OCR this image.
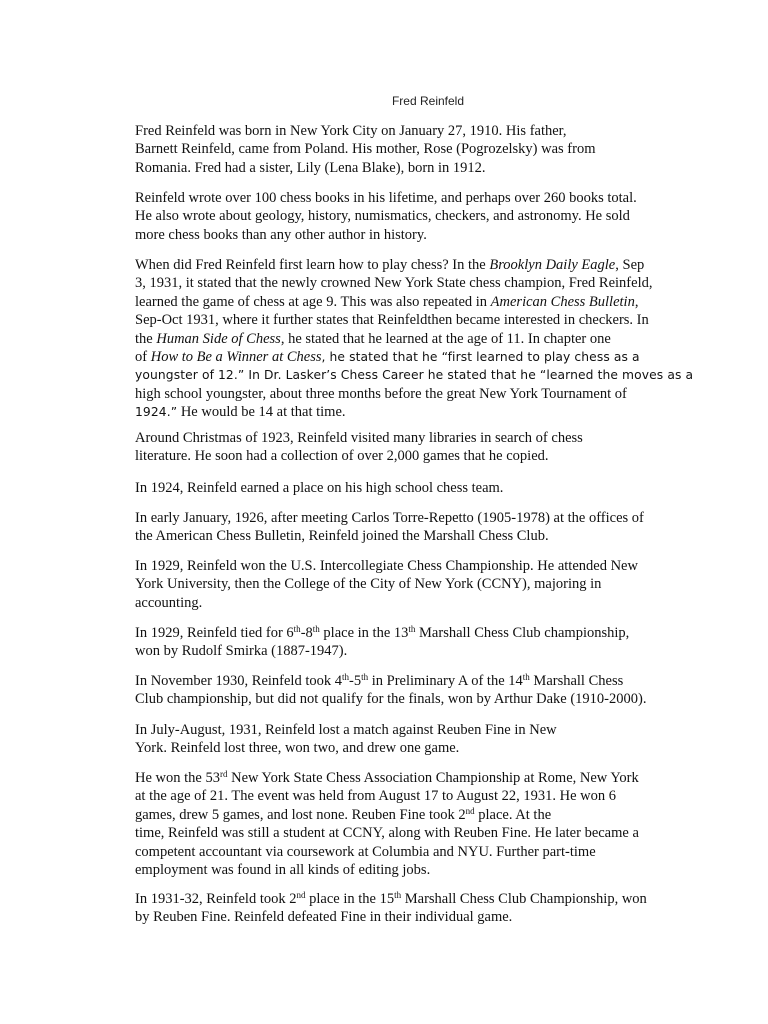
Fred Reinfeld
Fred Reinfeld was born in New York City on January 27, 1910. His father,
Barnett Reinfeld, came from Poland. His mother, Rose (Pogrozelsky) was from
Romania. Fred had a sister, Lily (Lena Blake), born in 1912.
Reinfeld wrote over 100 chess books in his lifetime, and perhaps over 260 books total.
He also wrote about geology, history, numismatics, checkers, and astronomy. He sold
more chess books than any other author in history.
When did Fred Reinfeld first learn how to play chess? In the Brooklyn Daily Eagle, Sep
3, 1931, it stated that the newly crowned New York State chess champion, Fred Reinfeld,
learned the game of chess at age 9. This was also repeated in American Chess Bulletin,
Sep-Oct 1931, where it further states that Reinfeldthen became interested in checkers. In
the Human Side of Chess, he stated that he learned at the age of 11. In chapter one
of How to Be a Winner at Chess, he stated that he “first learned to play chess as a
youngster of 12.” In Dr. Lasker’s Chess Career he stated that he “learned the moves as a
high school youngster, about three months before the great New York Tournament of
1924.” He would be 14 at that time.
Around Christmas of 1923, Reinfeld visited many libraries in search of chess
literature. He soon had a collection of over 2,000 games that he copied.
In 1924, Reinfeld earned a place on his high school chess team.
In early January, 1926, after meeting Carlos Torre-Repetto (1905-1978) at the offices of
the American Chess Bulletin, Reinfeld joined the Marshall Chess Club.
In 1929, Reinfeld won the U.S. Intercollegiate Chess Championship. He attended New
York University, then the College of the City of New York (CCNY), majoring in
accounting.
In 1929, Reinfeld tied for 6th-8th place in the 13th Marshall Chess Club championship,
won by Rudolf Smirka (1887-1947).
In November 1930, Reinfeld took 4th-5th in Preliminary A of the 14th Marshall Chess
Club championship, but did not qualify for the finals, won by Arthur Dake (1910-2000).
In July-August, 1931, Reinfeld lost a match against Reuben Fine in New
York. Reinfeld lost three, won two, and drew one game.
He won the 53rd New York State Chess Association Championship at Rome, New York
at the age of 21. The event was held from August 17 to August 22, 1931. He won 6
games, drew 5 games, and lost none. Reuben Fine took 2nd place. At the
time, Reinfeld was still a student at CCNY, along with Reuben Fine. He later became a
competent accountant via coursework at Columbia and NYU. Further part-time
employment was found in all kinds of editing jobs.
In 1931-32, Reinfeld took 2nd place in the 15th Marshall Chess Club Championship, won
by Reuben Fine. Reinfeld defeated Fine in their individual game.
